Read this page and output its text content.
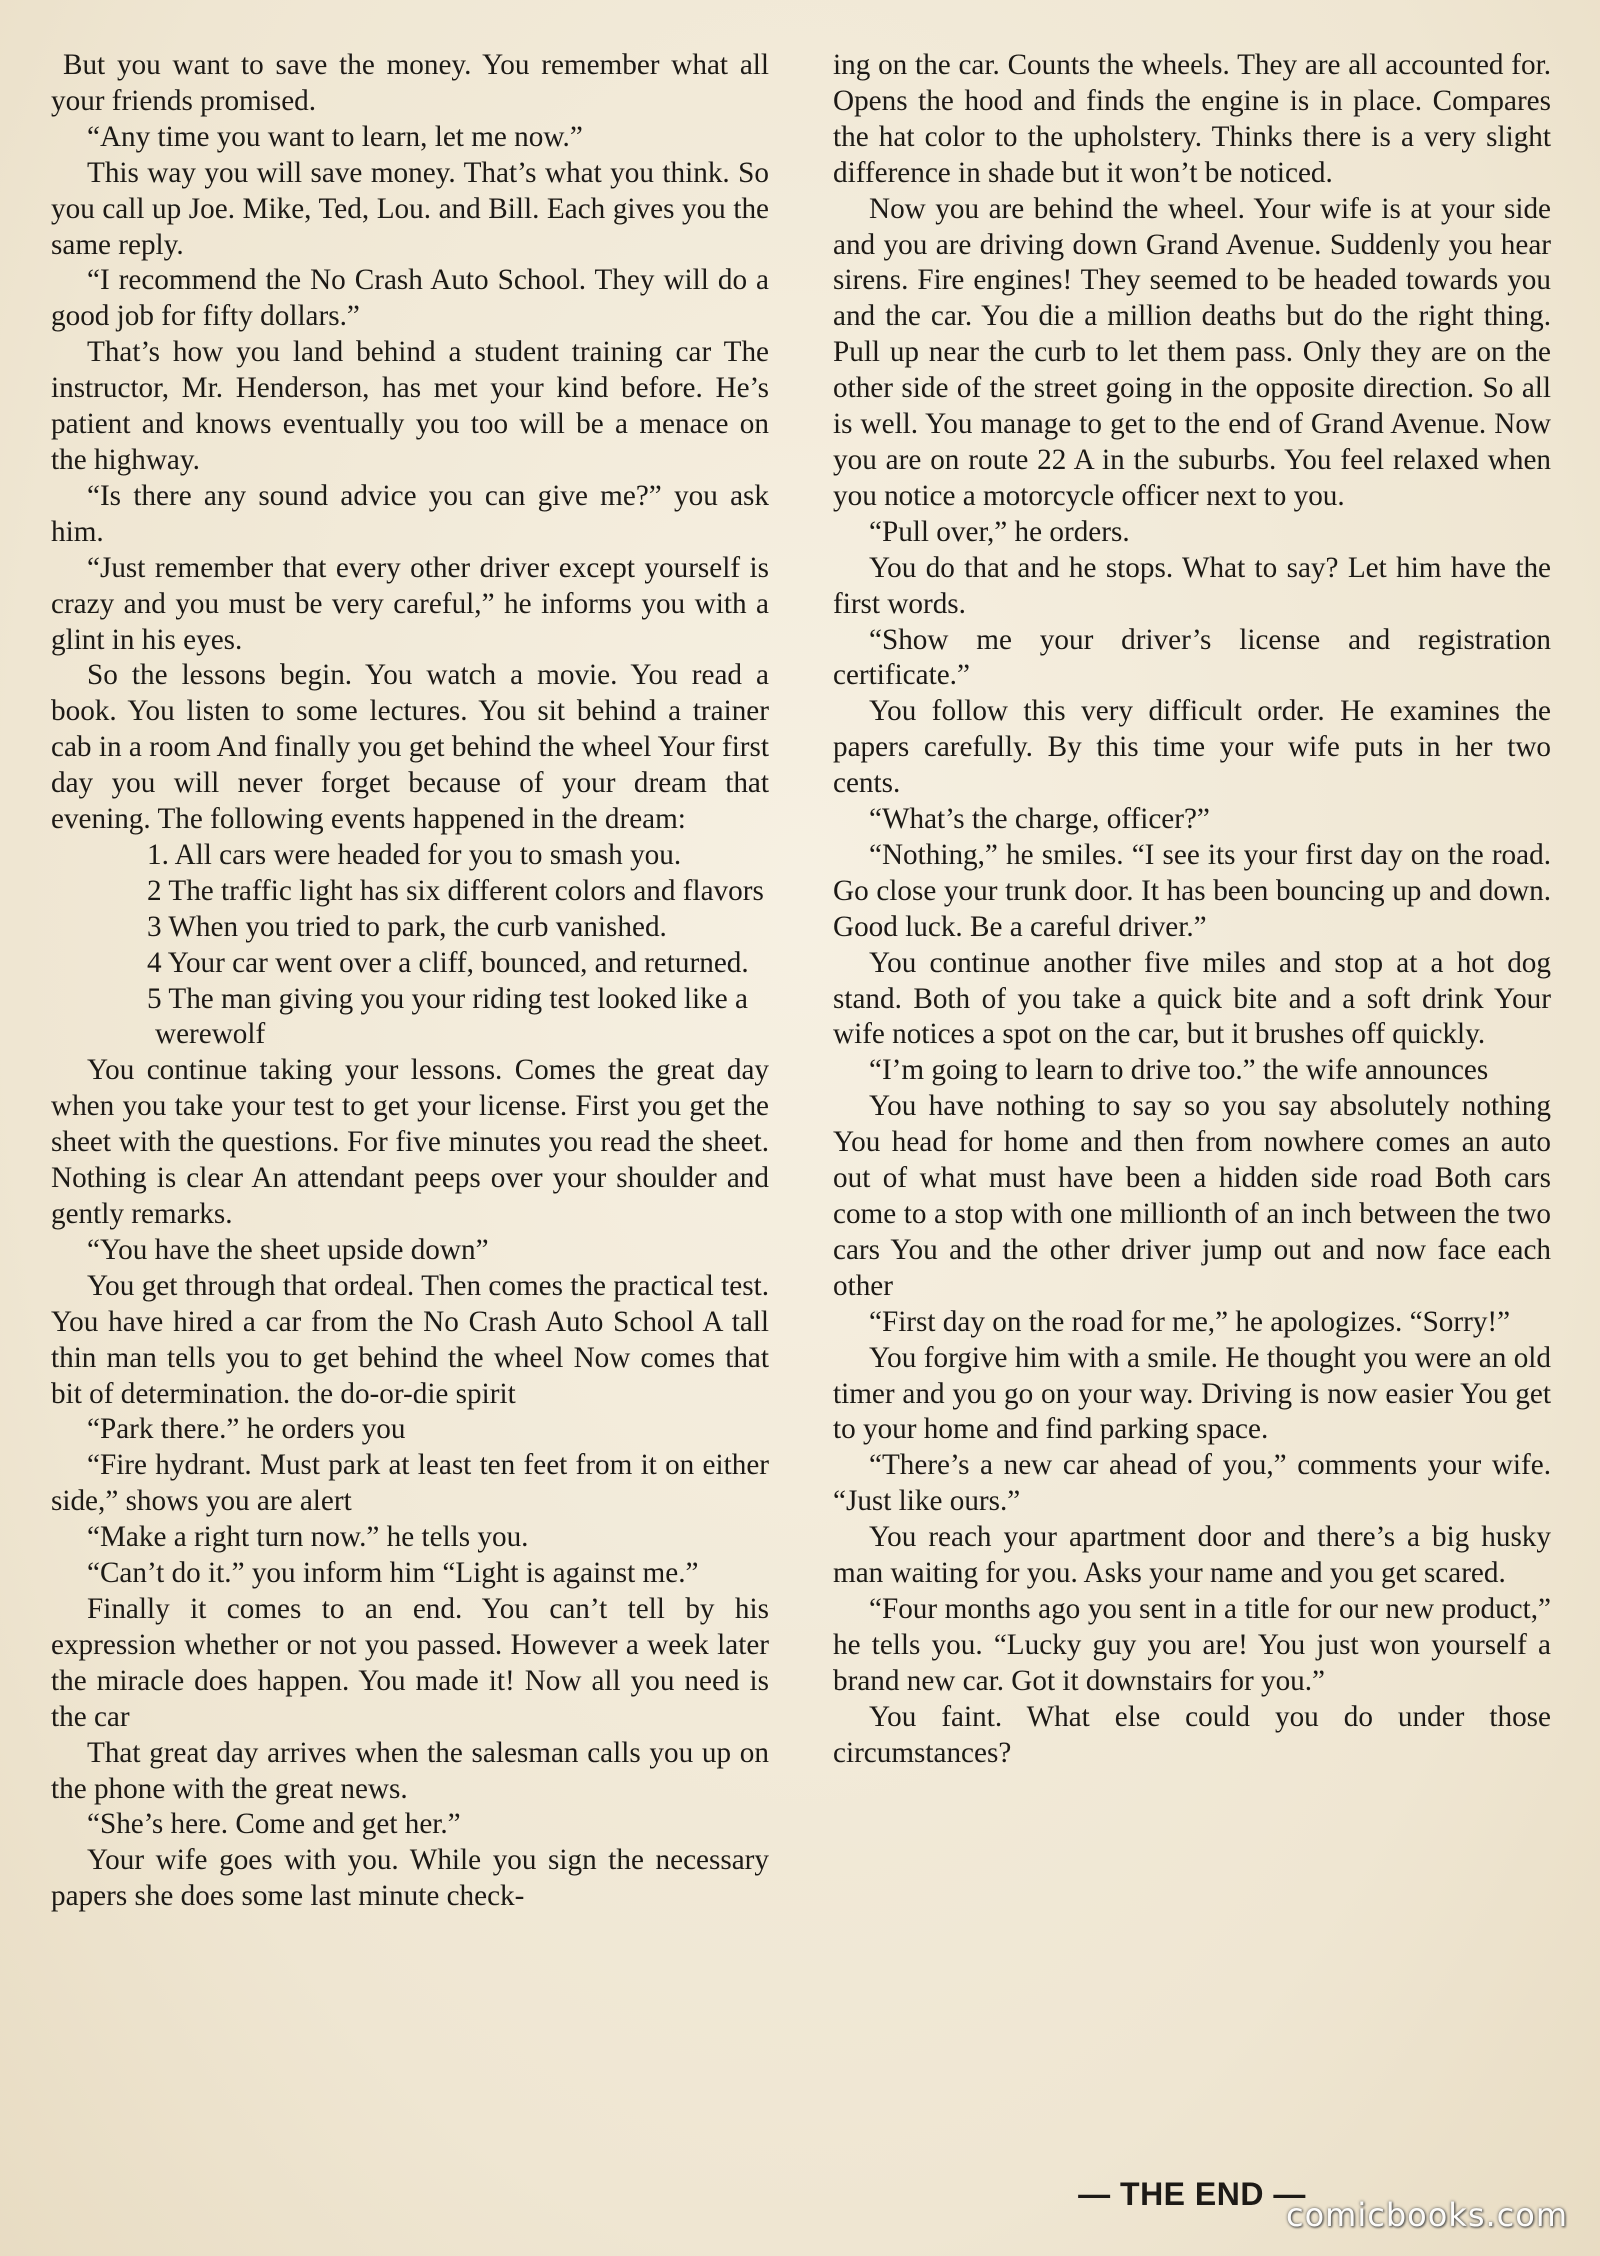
But you want to save the money. You remember what all your friends promised.

“Any time you want to learn, let me now.”

This way you will save money. That’s what you think. So you call up Joe. Mike, Ted, Lou. and Bill. Each gives you the same reply.

“I recommend the No Crash Auto School. They will do a good job for fifty dollars.”

That’s how you land behind a student training car The instructor, Mr. Henderson, has met your kind before. He’s patient and knows eventually you too will be a menace on the highway.

“Is there any sound advice you can give me?” you ask him.

“Just remember that every other driver except yourself is crazy and you must be very careful,” he informs you with a glint in his eyes.

So the lessons begin. You watch a movie. You read a book. You listen to some lectures. You sit behind a trainer cab in a room And finally you get behind the wheel Your first day you will never forget because of your dream that evening. The following events happened in the dream:

1. All cars were headed for you to smash you.

2 The traffic light has six different colors and flavors

3 When you tried to park, the curb vanished.

4 Your car went over a cliff, bounced, and returned.

5 The man giving you your riding test looked like a werewolf

You continue taking your lessons. Comes the great day when you take your test to get your license. First you get the sheet with the questions. For five minutes you read the sheet. Nothing is clear An attendant peeps over your shoulder and gently remarks.

“You have the sheet upside down”

You get through that ordeal. Then comes the practical test. You have hired a car from the No Crash Auto School A tall thin man tells you to get behind the wheel Now comes that bit of determination. the do-or-die spirit

“Park there.” he orders you

“Fire hydrant. Must park at least ten feet from it on either side,” shows you are alert

“Make a right turn now.” he tells you.

“Can’t do it.” you inform him “Light is against me.”

Finally it comes to an end. You can’t tell by his expression whether or not you passed. However a week later the miracle does happen. You made it! Now all you need is the car

That great day arrives when the salesman calls you up on the phone with the great news.

“She’s here. Come and get her.”

Your wife goes with you. While you sign the necessary papers she does some last minute check-

ing on the car. Counts the wheels. They are all accounted for. Opens the hood and finds the engine is in place. Compares the hat color to the upholstery. Thinks there is a very slight difference in shade but it won’t be noticed.

Now you are behind the wheel. Your wife is at your side and you are driving down Grand Avenue. Suddenly you hear sirens. Fire engines! They seemed to be headed towards you and the car. You die a million deaths but do the right thing. Pull up near the curb to let them pass. Only they are on the other side of the street going in the opposite direction. So all is well. You manage to get to the end of Grand Avenue. Now you are on route 22 A in the suburbs. You feel relaxed when you notice a motorcycle officer next to you.

“Pull over,” he orders.

You do that and he stops. What to say? Let him have the first words.

“Show me your driver’s license and registration certificate.”

You follow this very difficult order. He examines the papers carefully. By this time your wife puts in her two cents.

“What’s the charge, officer?”

“Nothing,” he smiles. “I see its your first day on the road. Go close your trunk door. It has been bouncing up and down. Good luck. Be a careful driver.”

You continue another five miles and stop at a hot dog stand. Both of you take a quick bite and a soft drink Your wife notices a spot on the car, but it brushes off quickly.

“I’m going to learn to drive too.” the wife announces

You have nothing to say so you say absolutely nothing You head for home and then from nowhere comes an auto out of what must have been a hidden side road Both cars come to a stop with one millionth of an inch between the two cars You and the other driver jump out and now face each other

“First day on the road for me,” he apologizes. “Sorry!”

You forgive him with a smile. He thought you were an old timer and you go on your way. Driving is now easier You get to your home and find parking space.

“There’s a new car ahead of you,” comments your wife. “Just like ours.”

You reach your apartment door and there’s a big husky man waiting for you. Asks your name and you get scared.

“Four months ago you sent in a title for our new product,” he tells you. “Lucky guy you are! You just won yourself a brand new car. Got it downstairs for you.”

You faint. What else could you do under those circumstances?

— THE END —
comicbooks.com
